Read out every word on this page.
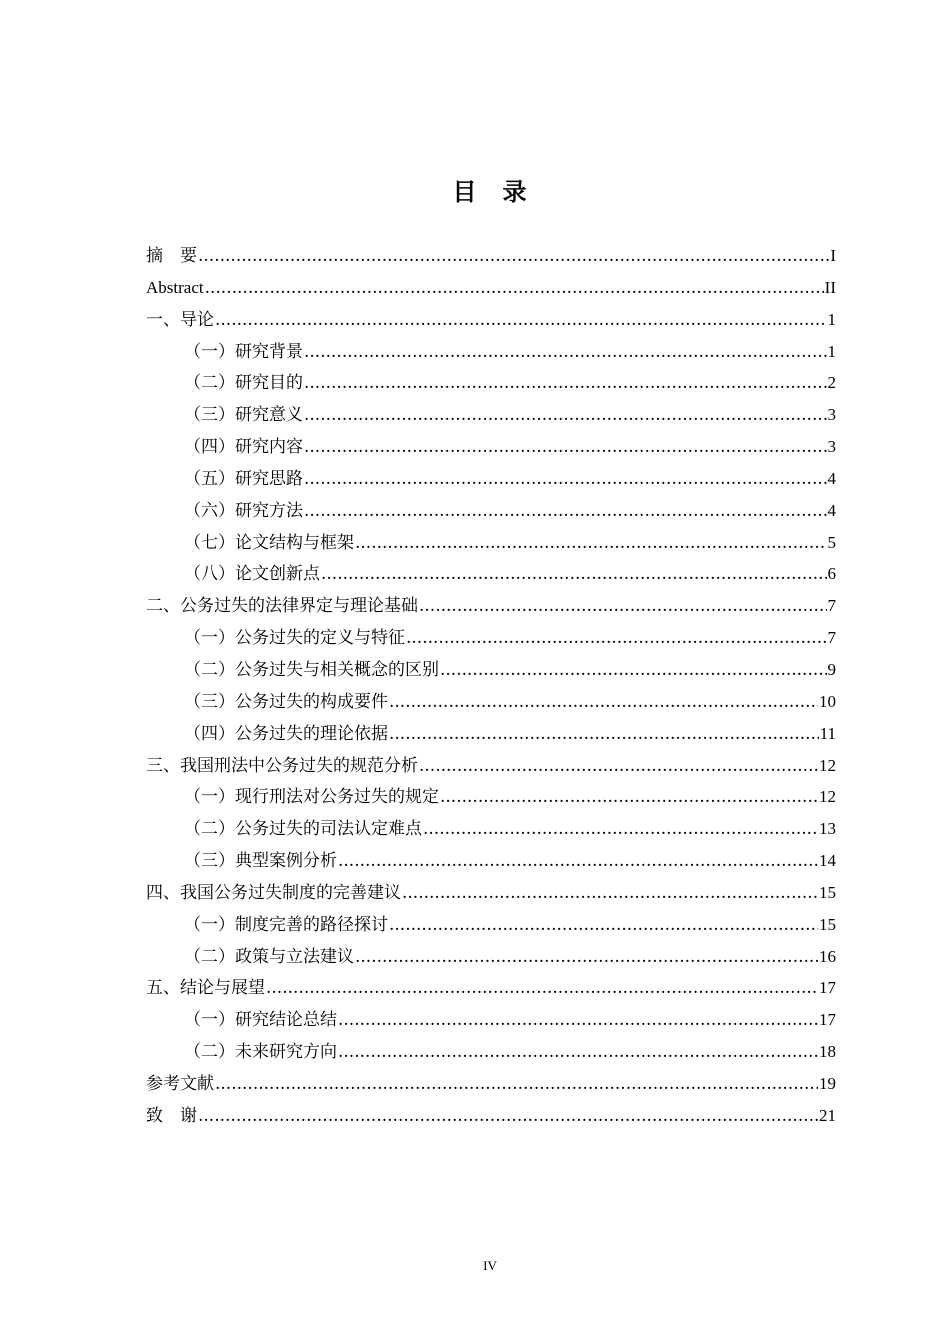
目　录
摘　要 .....	I
Abstract .....	II
一、导论 .....	1
（一）研究背景 .....	1
（二）研究目的 .....	2
（三）研究意义 .....	3
（四）研究内容 .....	3
（五）研究思路 .....	4
（六）研究方法 .....	4
（七）论文结构与框架 .....	5
（八）论文创新点 .....	6
二、公务过失的法律界定与理论基础 .....	7
（一）公务过失的定义与特征 .....	7
（二）公务过失与相关概念的区别 .....	9
（三）公务过失的构成要件 .....	10
（四）公务过失的理论依据 .....	11
三、我国刑法中公务过失的规范分析 .....	12
（一）现行刑法对公务过失的规定 .....	12
（二）公务过失的司法认定难点 .....	13
（三）典型案例分析 .....	14
四、我国公务过失制度的完善建议 .....	15
（一）制度完善的路径探讨 .....	15
（二）政策与立法建议 .....	16
五、结论与展望 .....	17
（一）研究结论总结 .....	17
（二）未来研究方向 .....	18
参考文献 .....	19
致　谢 .....	21
IV
